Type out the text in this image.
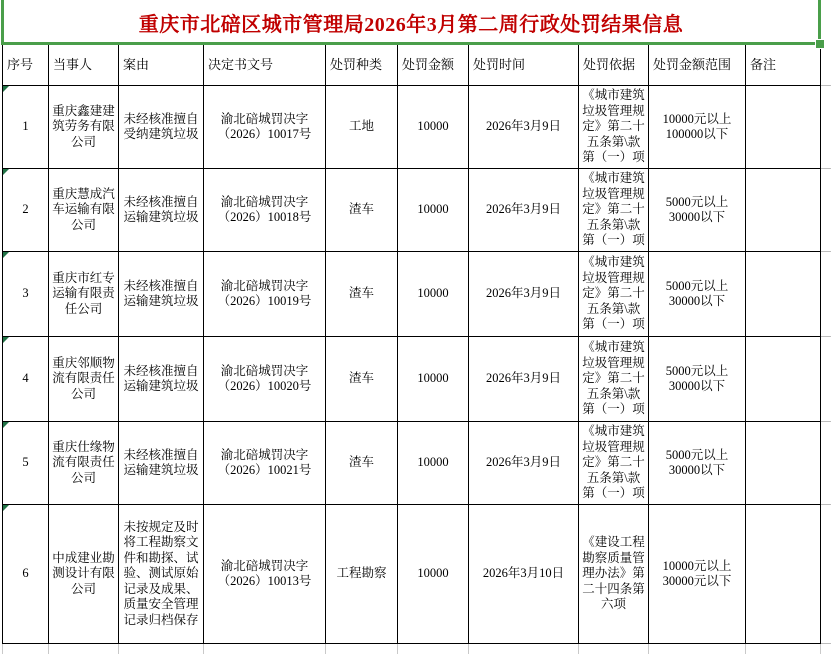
重庆市北碚区城市管理局2026年3月第二周行政处罚结果信息
序号	当事人	案由	决定书文号	处罚种类	处罚金额	处罚时间	处罚依据	处罚金额范围	备注
1	重庆鑫建建筑劳务有限公司	未经核准擅自受纳建筑垃圾	渝北碚城罚决字（2026）10017号	工地	10000	2026年3月9日	《城市建筑垃圾管理规定》第二十五条第\款第（一）项	10000元以上100000以下	
2	重庆慧成汽车运输有限公司	未经核准擅自运输建筑垃圾	渝北碚城罚决字（2026）10018号	渣车	10000	2026年3月9日	《城市建筑垃圾管理规定》第二十五条第\款第（一）项	5000元以上30000以下	
3	重庆市红专运输有限责任公司	未经核准擅自运输建筑垃圾	渝北碚城罚决字（2026）10019号	渣车	10000	2026年3月9日	《城市建筑垃圾管理规定》第二十五条第\款第（一）项	5000元以上30000以下	
4	重庆邻顺物流有限责任公司	未经核准擅自运输建筑垃圾	渝北碚城罚决字（2026）10020号	渣车	10000	2026年3月9日	《城市建筑垃圾管理规定》第二十五条第\款第（一）项	5000元以上30000以下	
5	重庆仕缘物流有限责任公司	未经核准擅自运输建筑垃圾	渝北碚城罚决字（2026）10021号	渣车	10000	2026年3月9日	《城市建筑垃圾管理规定》第二十五条第\款第（一）项	5000元以上30000以下	
6	中成建业勘测设计有限公司	未按规定及时将工程勘察文件和勘探、试验、测试原始记录及成果、质量安全管理记录归档保存	渝北碚城罚决字（2026）10013号	工程勘察	10000	2026年3月10日	《建设工程勘察质量管理办法》第二十四条第六项	10000元以上30000元以下	
